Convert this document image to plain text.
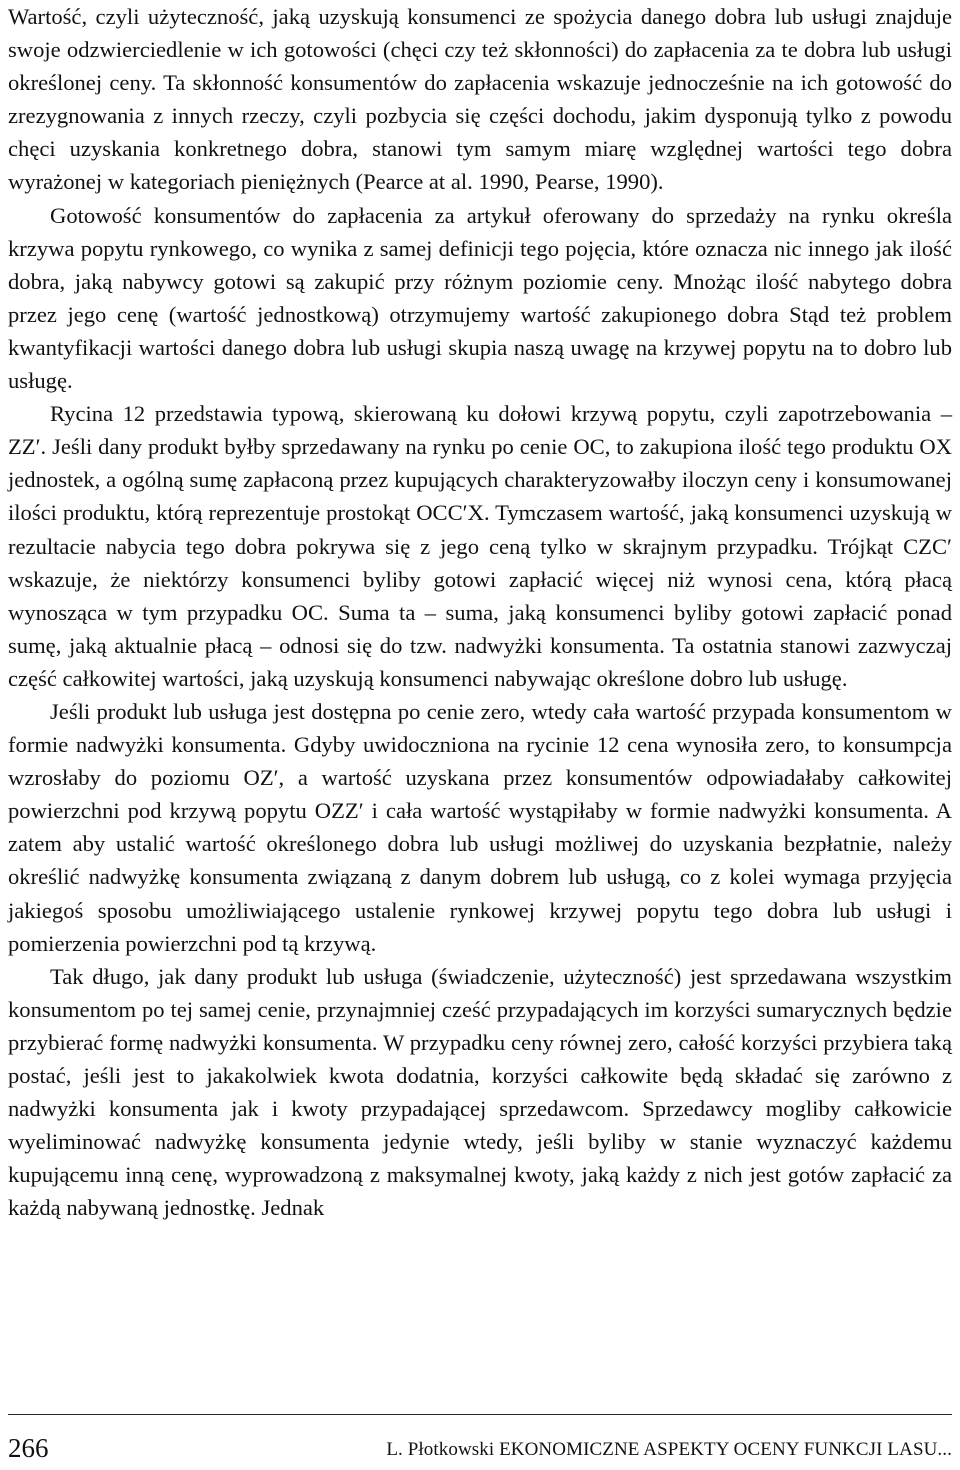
Wartość, czyli użyteczność, jaką uzyskują konsumenci ze spożycia danego dobra lub usługi znajduje swoje odzwierciedlenie w ich gotowości (chęci czy też skłonności) do zapłacenia za te dobra lub usługi określonej ceny. Ta skłonność konsumentów do zapłacenia wskazuje jednocześnie na ich gotowość do zrezygnowania z innych rzeczy, czyli pozbycia się części dochodu, jakim dysponują tylko z powodu chęci uzyskania konkretnego dobra, stanowi tym samym miarę względnej wartości tego dobra wyrażonej w kategoriach pieniężnych (Pearce at al. 1990, Pearse, 1990).

Gotowość konsumentów do zapłacenia za artykuł oferowany do sprzedaży na rynku określa krzywa popytu rynkowego, co wynika z samej definicji tego pojęcia, które oznacza nic innego jak ilość dobra, jaką nabywcy gotowi są zakupić przy różnym poziomie ceny. Mnożąc ilość nabytego dobra przez jego cenę (wartość jednostkową) otrzymujemy wartość zakupionego dobra Stąd też problem kwantyfikacji wartości danego dobra lub usługi skupia naszą uwagę na krzywej popytu na to dobro lub usługę.

Rycina 12 przedstawia typową, skierowaną ku dołowi krzywą popytu, czyli zapotrzebowania – ZZ′. Jeśli dany produkt byłby sprzedawany na rynku po cenie OC, to zakupiona ilość tego produktu OX jednostek, a ogólną sumę zapłaconą przez kupujących charakteryzowałby iloczyn ceny i konsumowanej ilości produktu, którą reprezentuje prostokąt OCC′X. Tymczasem wartość, jaką konsumenci uzyskują w rezultacie nabycia tego dobra pokrywa się z jego ceną tylko w skrajnym przypadku. Trójkąt CZC′ wskazuje, że niektórzy konsumenci byliby gotowi zapłacić więcej niż wynosi cena, którą płacą wynosząca w tym przypadku OC. Suma ta – suma, jaką konsumenci byliby gotowi zapłacić ponad sumę, jaką aktualnie płacą – odnosi się do tzw. nadwyżki konsumenta. Ta ostatnia stanowi zazwyczaj część całkowitej wartości, jaką uzyskują konsumenci nabywając określone dobro lub usługę.

Jeśli produkt lub usługa jest dostępna po cenie zero, wtedy cała wartość przypada konsumentom w formie nadwyżki konsumenta. Gdyby uwidoczniona na rycinie 12 cena wynosiła zero, to konsumpcja wzrosłaby do poziomu OZ′, a wartość uzyskana przez konsumentów odpowiadałaby całkowitej powierzchni pod krzywą popytu OZZ′ i cała wartość wystąpiłaby w formie nadwyżki konsumenta. A zatem aby ustalić wartość określonego dobra lub usługi możliwej do uzyskania bezpłatnie, należy określić nadwyżkę konsumenta związaną z danym dobrem lub usługą, co z kolei wymaga przyjęcia jakiegoś sposobu umożliwiającego ustalenie rynkowej krzywej popytu tego dobra lub usługi i pomierzenia powierzchni pod tą krzywą.

Tak długo, jak dany produkt lub usługa (świadczenie, użyteczność) jest sprzedawana wszystkim konsumentom po tej samej cenie, przynajmniej cześć przypadających im korzyści sumarycznych będzie przybierać formę nadwyżki konsumenta. W przypadku ceny równej zero, całość korzyści przybiera taką postać, jeśli jest to jakakolwiek kwota dodatnia, korzyści całkowite będą składać się zarówno z nadwyżki konsumenta jak i kwoty przypadającej sprzedawcom. Sprzedawcy mogliby całkowicie wyeliminować nadwyżkę konsumenta jedynie wtedy, jeśli byliby w stanie wyznaczyć każdemu kupującemu inną cenę, wyprowadzoną z maksymalnej kwoty, jaką każdy z nich jest gotów zapłacić za każdą nabywaną jednostkę. Jednak

266	L. Płotkowski EKONOMICZNE ASPEKTY OCENY FUNKCJI LASU...
